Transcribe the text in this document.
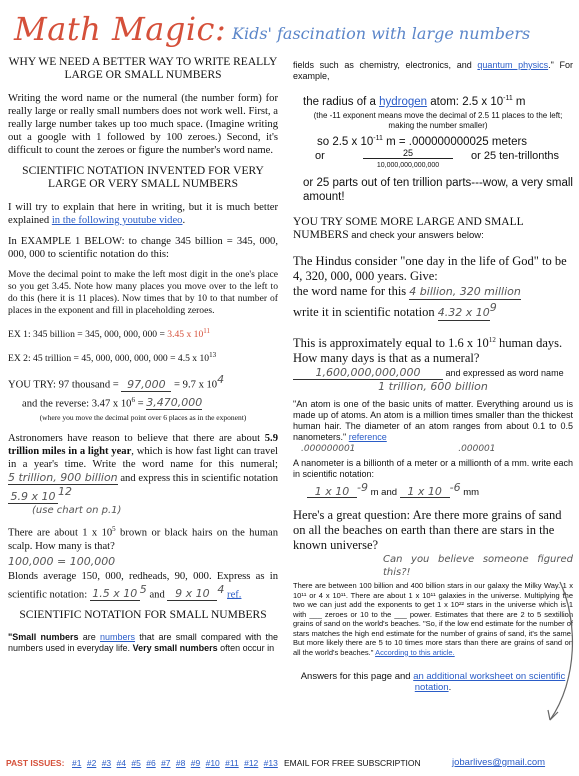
Math Magic: Kids' fascination with large numbers
WHY WE NEED A BETTER WAY TO WRITE REALLY LARGE OR SMALL NUMBERS

Writing the word name or the numeral (the number form) for really large or really small numbers does not work well. First, a really large number takes up too much space. (Imagine writing out a google with 1 followed by 100 zeroes.) Second, it's difficult to count the zeroes or figure the number's word name.

SCIENTIFIC NOTATION INVENTED FOR VERY LARGE OR VERY SMALL NUMBERS

I will try to explain that here in writing, but it is much better explained in the following youtube video.

In EXAMPLE 1 BELOW: to change 345 billion = 345, 000, 000, 000 to scientific notation do this:

Move the decimal point to make the left most digit in the one's place so you get 3.45. Note how many places you move over to the left to do this (here it is 11 places). Now times that by 10 to that number of places in the exponent and fill in placeholding zeroes.

EX 1: 345 billion = 345, 000, 000, 000 = 3.45 x $10^{11}$

EX 2: 45 trillion = 45, 000, 000, 000, 000 = 4.5 x $10^{13}$

YOU TRY: 97 thousand = 97,000 = 9.7 x $10^4$

and the reverse: 3.47 x $10^6 = 3,470,000$

(where you move the decimal point over 6 places as in the exponent)

Astronomers have reason to believe that there are about 5.9 trillion miles in a light year, which is how fast light can travel in a year's time. Write the word name for this numeral; 5 trillion, 900 billion and express this in scientific notation 5.9 x 10 $^{12}$

(use chart on p.1)

There are about 1 x $10^5$ brown or black hairs on the human scalp. How many is that?

100,000 = 100,000

Blonds average 150, 000, redheads, 90, 000. Express as in scientific notation: 1.5 x 10 $^5$ and 9 x 10 $^4$ ref.

SCIENTIFIC NOTATION FOR SMALL NUMBERS

"Small numbers are numbers that are small compared with the numbers used in everyday life. Very small numbers often occur in

fields such as chemistry, electronics, and quantum physics." For example,

the radius of a hydrogen atom: 2.5 x $10^{-11}$ m

(the -11 exponent means move the decimal of 2.5 11 places to the left; making the number smaller)

so 2.5 x $10^{-11}$ m = .000000000025 meters

or	25
10,000,000,000,000
or 25 ten-trillonths

or 25 parts out of ten trillion parts---wow, a very small amount!

YOU TRY SOME MORE LARGE AND SMALL NUMBERS and check your answers below:

The Hindus consider "one day in the life of God" to be 4, 320, 000, 000 years. Give:

the word name for this 4 billion, 320 million

write it in scientific notation 4.32 x $10^9$

This is approximately equal to 1.6 x $10^{12}$ human days. How many days is that as a numeral?

1,600,000,000,000	and expressed as word name

1 trillion, 600 billion

"An atom is one of the basic units of matter. Everything around us is made up of atoms. An atom is a million times smaller than the thickest human hair. The diameter of an atom ranges from about 0.1 to 0.5 nanometers." reference

.000000001	.000001

A nanometer is a billionth of a meter or a millionth of a mm. write each in scientific notation:

1 x 10 $^{-9}$ m and 1 x 10 $^{-6}$ mm

Here's a great question: Are there more grains of sand on all the beaches on earth than there are stars in the known universe?

Can you believe someone figured this?!

There are between 100 billion and 400 billion stars in our galaxy the Milky Way. 1 x 10¹¹ or 4 x 10¹¹. There are about 1 x 10¹¹ galaxies in the universe. Multiplying the two we can just add the exponents to get 1 x 10²² stars in the universe which is 1 with ___ zeroes or 10 to the ___ power. Estimates that there are 2 to 5 sextillion grains of sand on the world's beaches. "So, if the low end estimate for the number of stars matches the high end estimate for the number of grains of sand, it's the same. But more likely there are 5 to 10 times more stars than there are grains of sand on all the world's beaches." According to this article.

Answers for this page and an additional worksheet on scientific notation.

PAST ISSUES: #1 #2 #3 #4 #5 #6 #7 #8 #9 #10 #11 #12 #13 EMAIL FOR FREE SUBSCRIPTION	jobarlives@gmail.com
